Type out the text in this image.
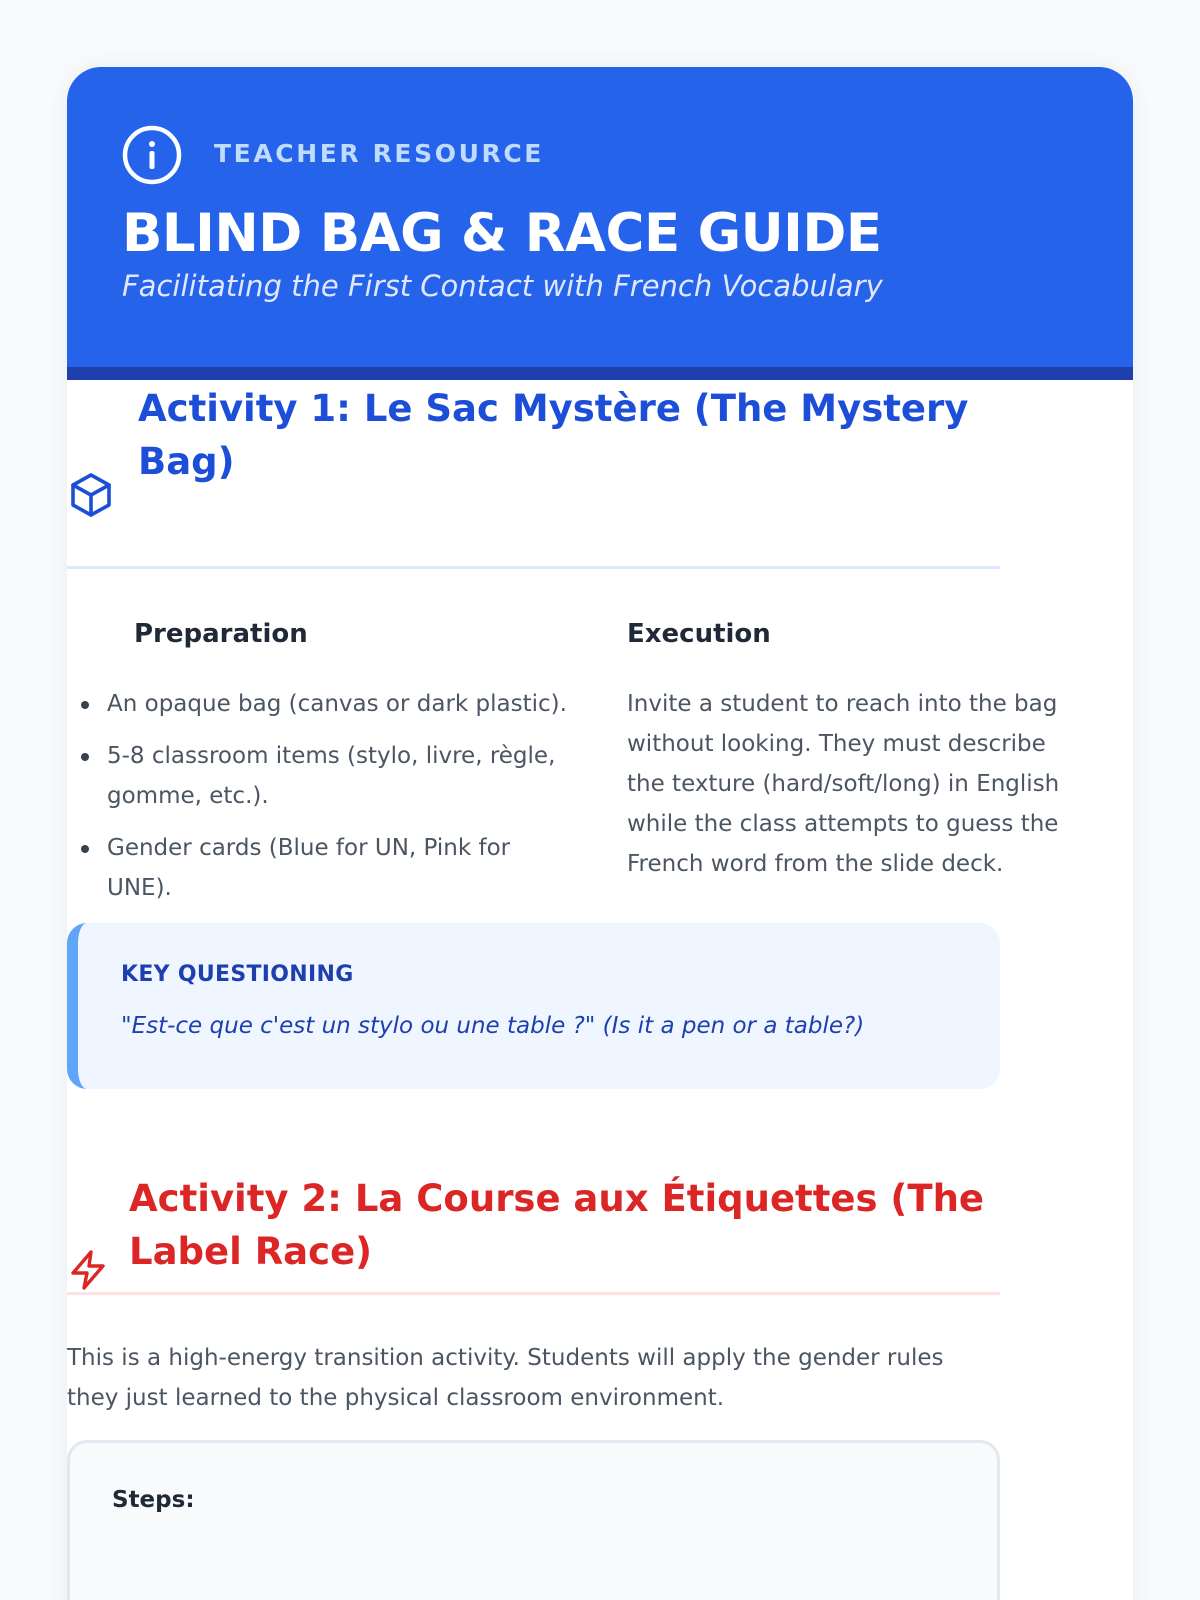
TEACHER RESOURCE
BLIND BAG & RACE GUIDE
Facilitating the First Contact with French Vocabulary
Activity 1: Le Sac Mystère (The Mystery Bag)
Preparation
An opaque bag (canvas or dark plastic).
5-8 classroom items (stylo, livre, règle, gomme, etc.).
Gender cards (Blue for UN, Pink for UNE).
Execution
Invite a student to reach into the bag without looking. They must describe the texture (hard/soft/long) in English while the class attempts to guess the French word from the slide deck.
KEY QUESTIONING
"Est-ce que c'est un stylo ou une table ?" (Is it a pen or a table?)
Activity 2: La Course aux Étiquettes (The Label Race)
This is a high-energy transition activity. Students will apply the gender rules they just learned to the physical classroom environment.
Steps:
